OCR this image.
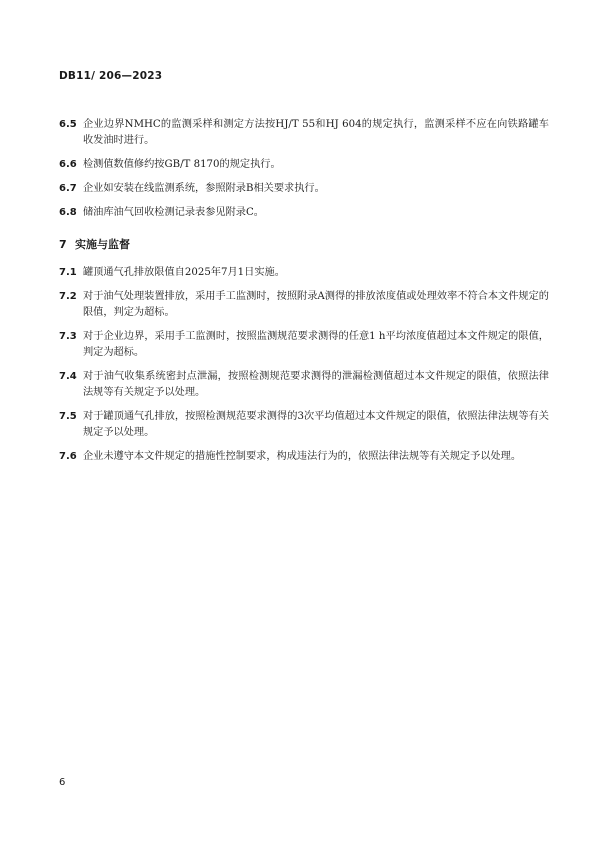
DB11/ 206—2023
6.5 企业边界NMHC的监测采样和测定方法按HJ/T 55和HJ 604的规定执行，监测采样不应在向铁路罐车收发油时进行。
6.6 检测值数值修约按GB/T 8170的规定执行。
6.7 企业如安装在线监测系统，参照附录B相关要求执行。
6.8 储油库油气回收检测记录表参见附录C。
7 实施与监督
7.1 罐顶通气孔排放限值自2025年7月1日实施。
7.2 对于油气处理装置排放，采用手工监测时，按照附录A测得的排放浓度值或处理效率不符合本文件规定的限值，判定为超标。
7.3 对于企业边界，采用手工监测时，按照监测规范要求测得的任意1 h平均浓度值超过本文件规定的限值，判定为超标。
7.4 对于油气收集系统密封点泄漏，按照检测规范要求测得的泄漏检测值超过本文件规定的限值，依照法律法规等有关规定予以处理。
7.5 对于罐顶通气孔排放，按照检测规范要求测得的3次平均值超过本文件规定的限值，依照法律法规等有关规定予以处理。
7.6 企业未遵守本文件规定的措施性控制要求，构成违法行为的，依照法律法规等有关规定予以处理。
6
